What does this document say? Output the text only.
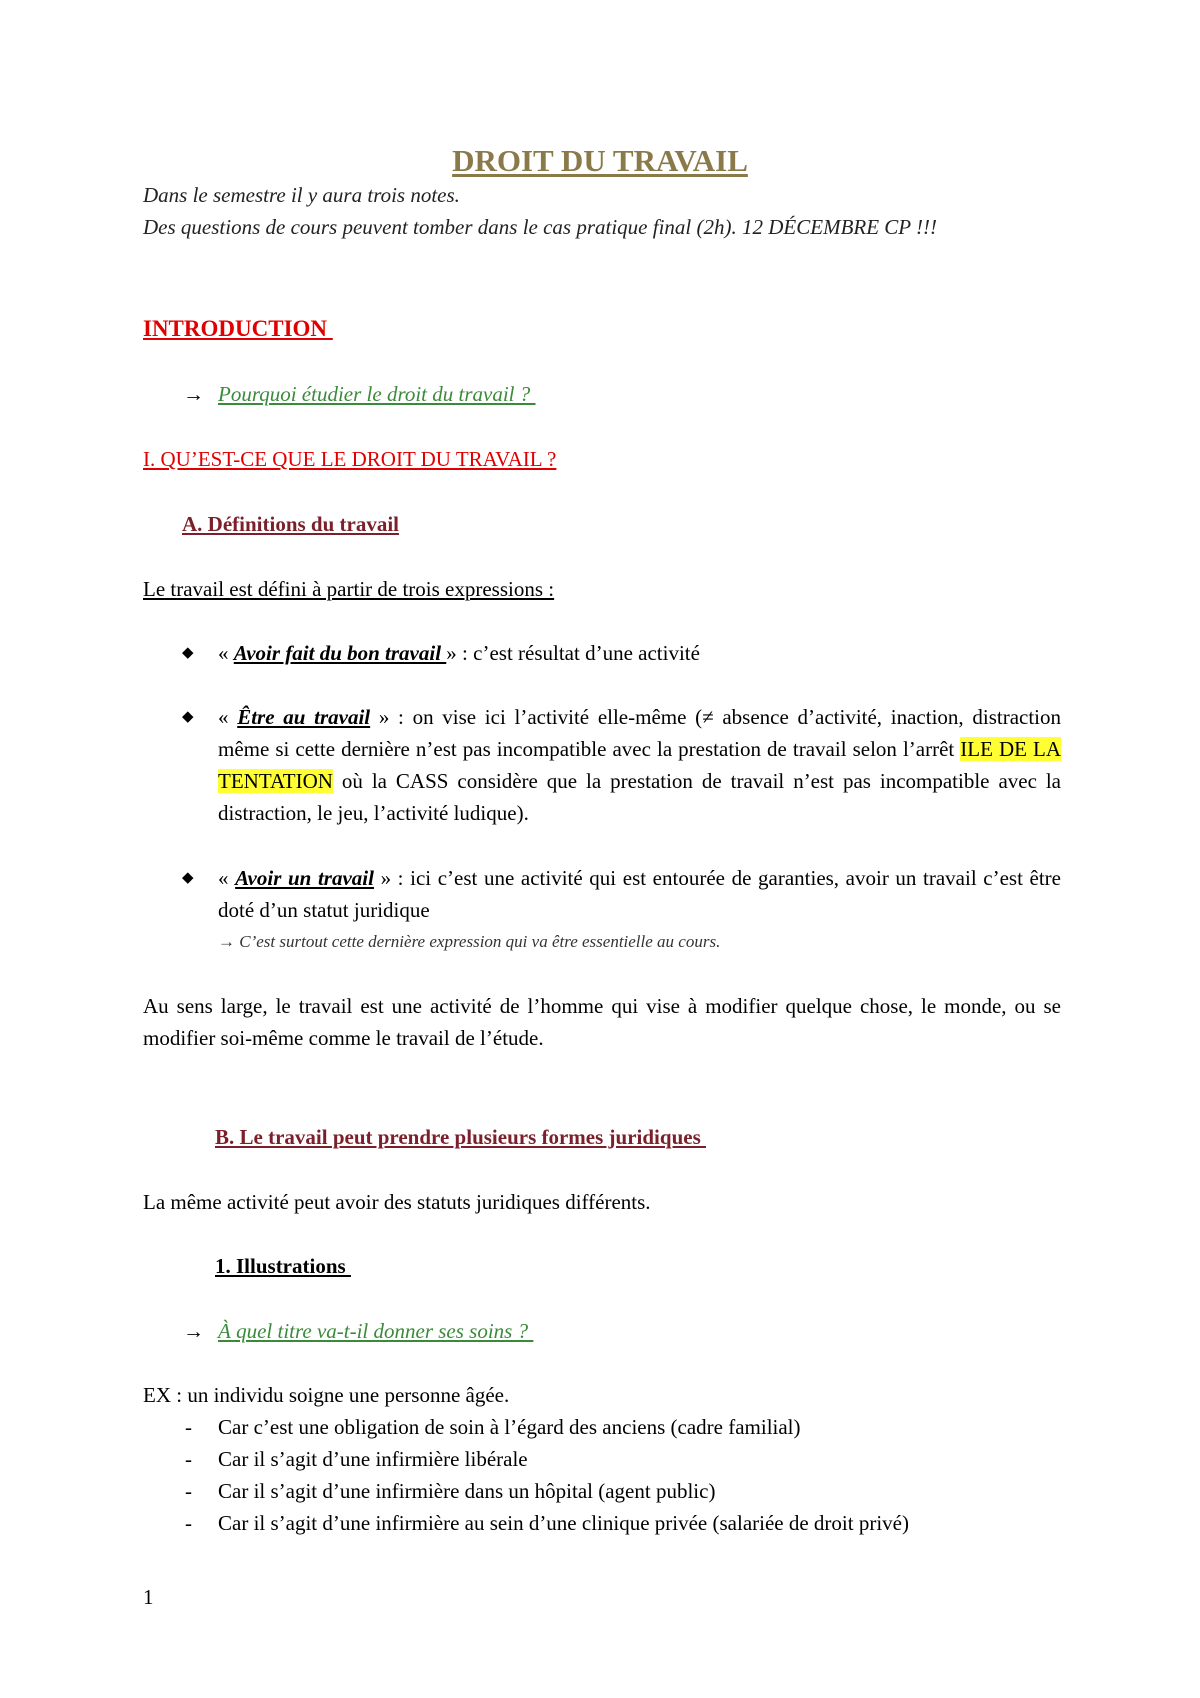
DROIT DU TRAVAIL
Dans le semestre il y aura trois notes.
Des questions de cours peuvent tomber dans le cas pratique final (2h). 12 DÉCEMBRE CP !!!
INTRODUCTION
→ Pourquoi étudier le droit du travail ?
I. QU’EST-CE QUE LE DROIT DU TRAVAIL ?
A. Définitions du travail
Le travail est défini à partir de trois expressions :
◆ « Avoir fait du bon travail » : c’est résultat d’une activité
◆ « Être au travail » : on vise ici l’activité elle-même (≠ absence d’activité, inaction, distraction même si cette dernière n’est pas incompatible avec la prestation de travail selon l’arrêt ILE DE LA TENTATION où la CASS considère que la prestation de travail n’est pas incompatible avec la distraction, le jeu, l’activité ludique).
◆ « Avoir un travail » : ici c’est une activité qui est entourée de garanties, avoir un travail c’est être doté d’un statut juridique
→ C’est surtout cette dernière expression qui va être essentielle au cours.
Au sens large, le travail est une activité de l’homme qui vise à modifier quelque chose, le monde, ou se modifier soi-même comme le travail de l’étude.
B. Le travail peut prendre plusieurs formes juridiques
La même activité peut avoir des statuts juridiques différents.
1. Illustrations
→ À quel titre va-t-il donner ses soins ?
EX : un individu soigne une personne âgée.
- Car c’est une obligation de soin à l’égard des anciens (cadre familial)
- Car il s’agit d’une infirmière libérale
- Car il s’agit d’une infirmière dans un hôpital (agent public)
- Car il s’agit d’une infirmière au sein d’une clinique privée (salariée de droit privé)
1
